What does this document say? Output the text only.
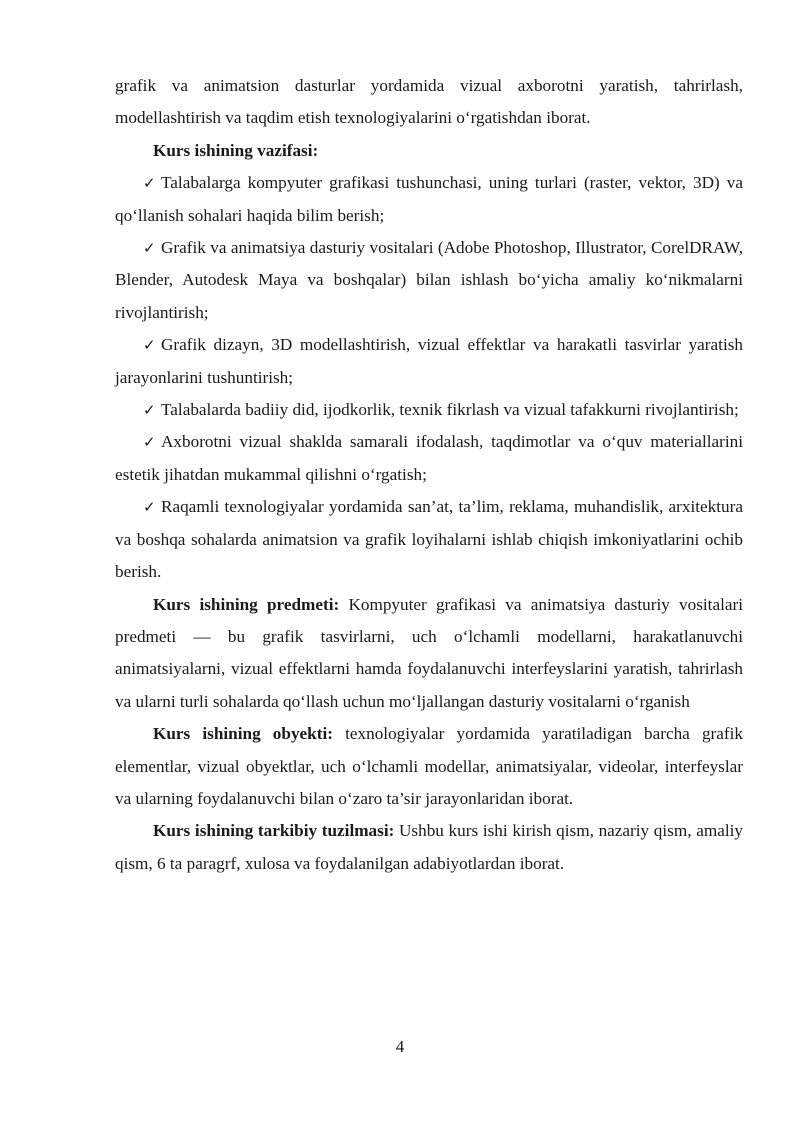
grafik va animatsion dasturlar yordamida vizual axborotni yaratish, tahrirlash, modellashtirish va taqdim etish texnologiyalarini o‘rgatishdan iborat.

Kurs ishining vazifasi:

✓ Talabalarga kompyuter grafikasi tushunchasi, uning turlari (raster, vektor, 3D) va qo‘llanish sohalari haqida bilim berish;

✓ Grafik va animatsiya dasturiy vositalari (Adobe Photoshop, Illustrator, CorelDRAW, Blender, Autodesk Maya va boshqalar) bilan ishlash bo‘yicha amaliy ko‘nikmalarni rivojlantirish;

✓ Grafik dizayn, 3D modellashtirish, vizual effektlar va harakatli tasvirlar yaratish jarayonlarini tushuntirish;

✓ Talabalarda badiiy did, ijodkorlik, texnik fikrlash va vizual tafakkurni rivojlantirish;

✓ Axborotni vizual shaklda samarali ifodalash, taqdimotlar va o‘quv materiallarini estetik jihatdan mukammal qilishni o‘rgatish;

✓ Raqamli texnologiyalar yordamida san’at, ta’lim, reklama, muhandislik, arxitektura va boshqa sohalarda animatsion va grafik loyihalarni ishlab chiqish imkoniyatlarini ochib berish.

Kurs ishining predmeti: Kompyuter grafikasi va animatsiya dasturiy vositalari predmeti — bu grafik tasvirlarni, uch o‘lchamli modellarni, harakatlanuvchi animatsiyalarni, vizual effektlarni hamda foydalanuvchi interfeyslarini yaratish, tahrirlash va ularni turli sohalarda qo‘llash uchun mo‘ljallangan dasturiy vositalarni o‘rganish

Kurs ishining obyekti: texnologiyalar yordamida yaratiladigan barcha grafik elementlar, vizual obyektlar, uch o‘lchamli modellar, animatsiyalar, videolar, interfeyslar va ularning foydalanuvchi bilan o‘zaro ta’sir jarayonlaridan iborat.

Kurs ishining tarkibiy tuzilmasi: Ushbu kurs ishi kirish qism, nazariy qism, amaliy qism, 6 ta paragrf, xulosa va foydalanilgan adabiyotlardan iborat.

4
